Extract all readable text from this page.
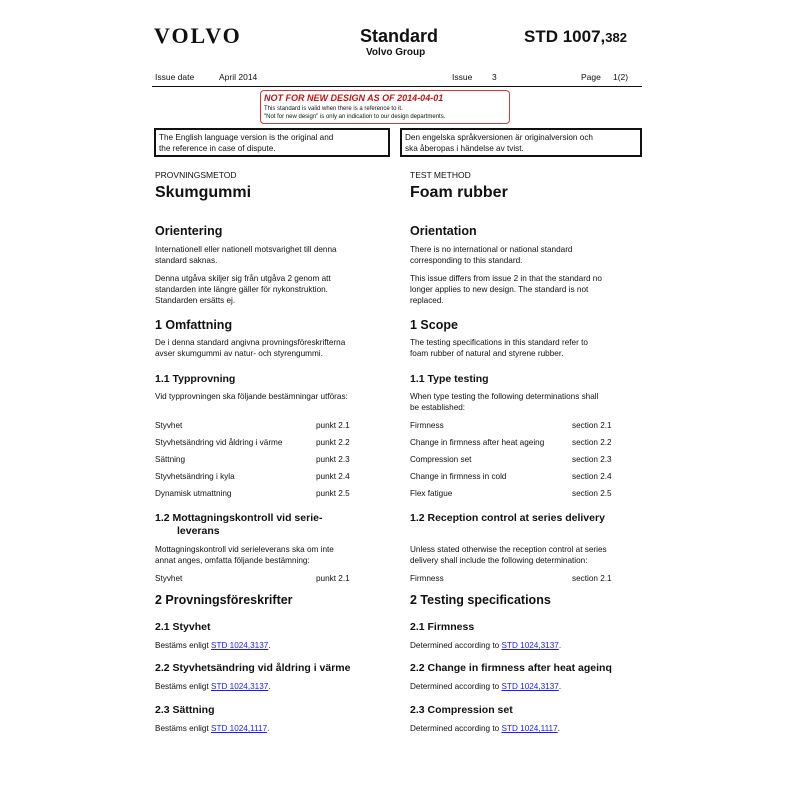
VOLVO	Standard
Volvo Group
STD 1007,382
Issue date	April 2014	Issue 3	Page 1(2)
NOT FOR NEW DESIGN AS OF 2014-04-01
This standard is valid when there is a reference to it.
"Not for new design" is only an indication to our design departments.
The English language version is the original and
the reference in case of dispute.
Den engelska språkversionen är originalversion och
ska åberopas i händelse av tvist.
PROVNINGSMETOD
Skumgummi
Orientering
Internationell eller nationell motsvarighet till denna
standard saknas.
Denna utgåva skiljer sig från utgåva 2 genom att
standarden inte längre gäller för nykonstruktion.
Standarden ersätts ej.
1 Omfattning
De i denna standard angivna provningsföreskrifterna
avser skumgummi av natur- och styrengummi.
1.1 Typprovning
Vid typprovningen ska följande bestämningar utföras:
Styvhet	punkt 2.1
Styvhetsändring vid åldring i värme	punkt 2.2
Sättning	punkt 2.3
Styvhetsändring i kyla	punkt 2.4
Dynamisk utmattning	punkt 2.5
1.2 Mottagningskontroll vid serie-
leverans
Mottagningskontroll vid serieleverans ska om inte
annat anges, omfatta följande bestämning:
Styvhet	punkt 2.1
2 Provningsföreskrifter
2.1 Styvhet
Bestäms enligt STD 1024,3137.
2.2 Styvhetsändring vid åldring i värme
Bestäms enligt STD 1024,3137.
2.3 Sättning
Bestäms enligt STD 1024,1117.
TEST METHOD
Foam rubber
Orientation
There is no international or national standard
corresponding to this standard.
This issue differs from issue 2 in that the standard no
longer applies to new design. The standard is not
replaced.
1 Scope
The testing specifications in this standard refer to
foam rubber of natural and styrene rubber.
1.1 Type testing
When type testing the following determinations shall
be established:
Firmness	section 2.1
Change in firmness after heat ageing	section 2.2
Compression set	section 2.3
Change in firmness in cold	section 2.4
Flex fatigue	section 2.5
1.2 Reception control at series delivery
Unless stated otherwise the reception control at series
delivery shall include the following determination:
Firmness	section 2.1
2 Testing specifications
2.1 Firmness
Determined according to STD 1024,3137.
2.2 Change in firmness after heat ageinq
Determined according to STD 1024,3137.
2.3 Compression set
Determined according to STD 1024,1117.
